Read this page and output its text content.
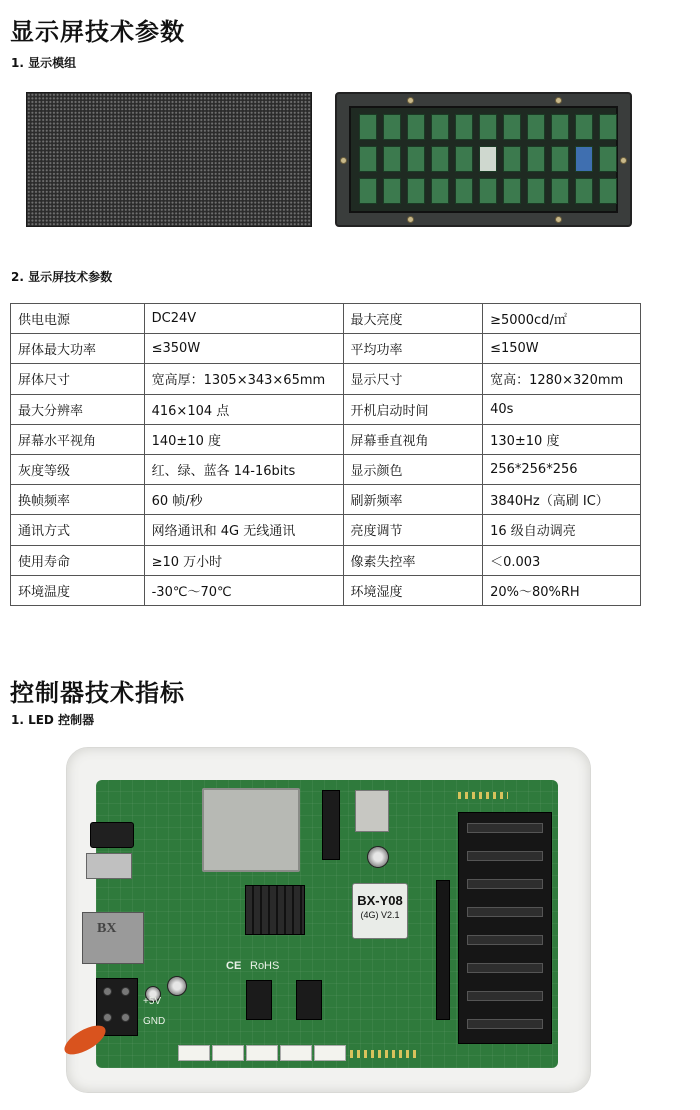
显示屏技术参数
1. 显示模组
2. 显示屏技术参数
供电电源	DC24V	最大亮度	≥5000cd/㎡
屏体最大功率	≤350W	平均功率	≤150W
屏体尺寸	宽高厚：1305×343×65mm	显示尺寸	宽高：1280×320mm
最大分辨率	416×104 点	开机启动时间	40s
屏幕水平视角	140±10 度	屏幕垂直视角	130±10 度
灰度等级	红、绿、蓝各 14-16bits	显示颜色	256*256*256
换帧频率	60 帧/秒	刷新频率	3840Hz（高刷 IC）
通讯方式	网络通讯和 4G 无线通讯	亮度调节	16 级自动调亮
使用寿命	≥10 万小时	像素失控率	＜0.003
环境温度	-30℃～70℃	环境湿度	20%～80%RH
控制器技术指标
1. LED 控制器
BX
BX-Y08
(4G) V2.1
RoHS
CE
GND
+5V
